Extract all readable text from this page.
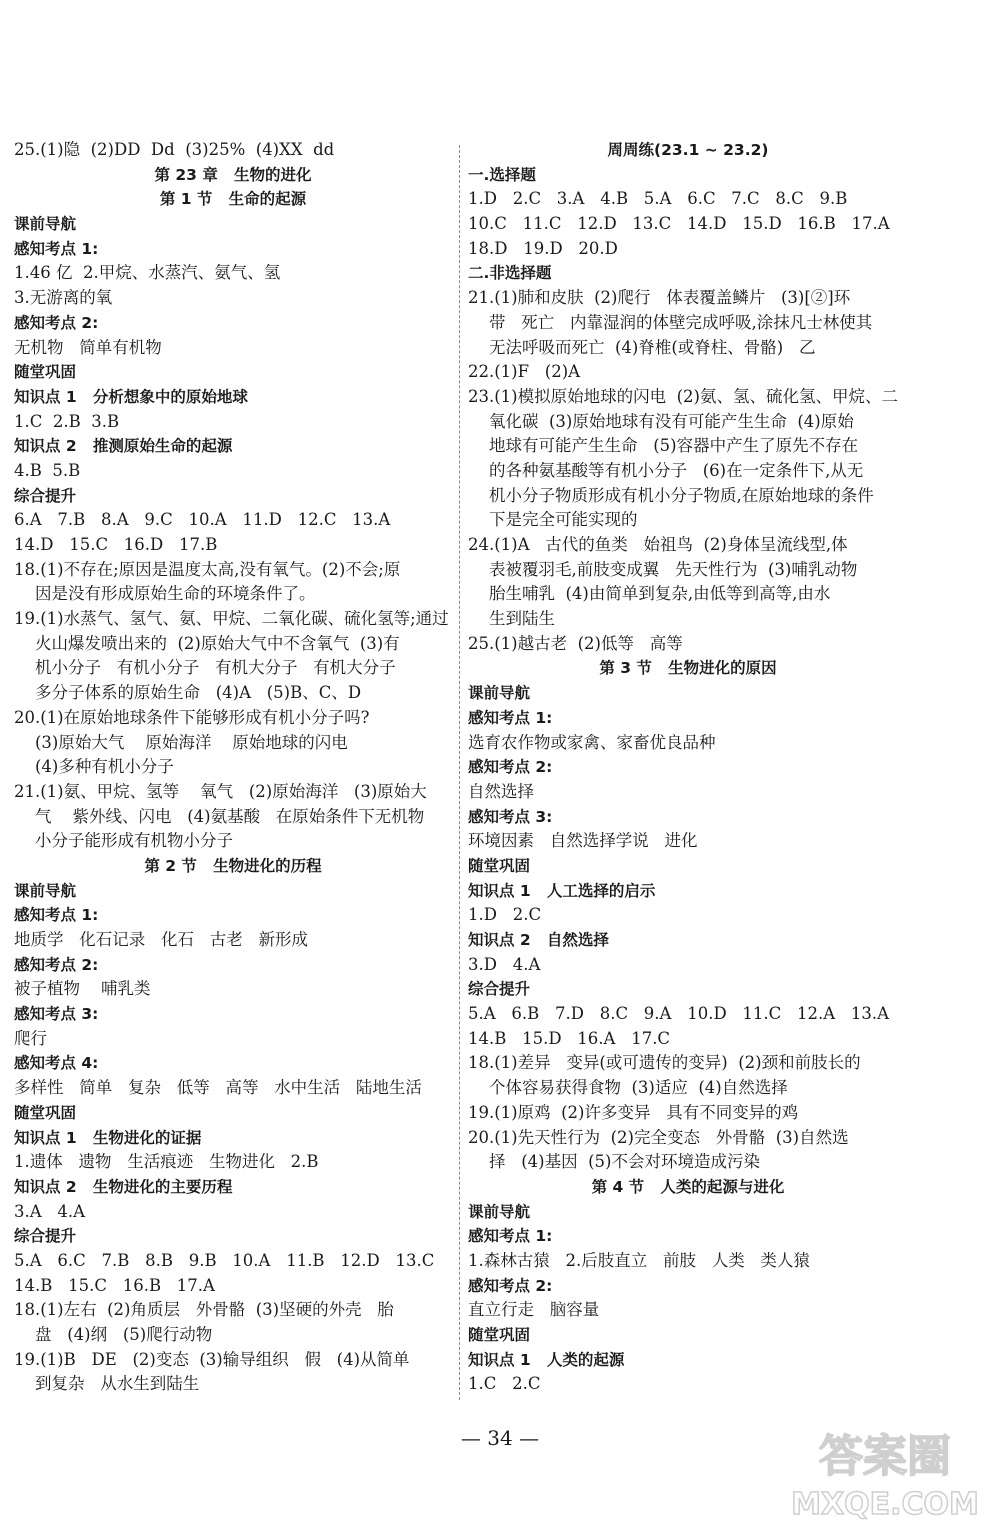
25.(1)隐  (2)DD  Dd  (3)25%  (4)XX  dd
第 23 章   生物的进化
第 1 节   生命的起源
课前导航
感知考点 1:
1.46 亿  2.甲烷、水蒸汽、氨气、氢
3.无游离的氧
感知考点 2:
无机物   简单有机物
随堂巩固
知识点 1   分析想象中的原始地球
1.C  2.B  3.B
知识点 2   推测原始生命的起源
4.B  5.B
综合提升
6.A   7.B   8.A   9.C   10.A   11.D   12.C   13.A
14.D   15.C   16.D   17.B
18.(1)不存在;原因是温度太高,没有氧气。(2)不会;原
因是没有形成原始生命的环境条件了。
19.(1)水蒸气、氢气、氨、甲烷、二氧化碳、硫化氢等;通过
火山爆发喷出来的  (2)原始大气中不含氧气  (3)有
机小分子   有机小分子   有机大分子   有机大分子
多分子体系的原始生命   (4)A   (5)B、C、D
20.(1)在原始地球条件下能够形成有机小分子吗?
(3)原始大气    原始海洋    原始地球的闪电
(4)多种有机小分子
21.(1)氨、甲烷、氢等    氧气   (2)原始海洋   (3)原始大
气    紫外线、闪电   (4)氨基酸   在原始条件下无机物
小分子能形成有机物小分子
第 2 节   生物进化的历程
课前导航
感知考点 1:
地质学   化石记录   化石   古老   新形成
感知考点 2:
被子植物    哺乳类
感知考点 3:
爬行
感知考点 4:
多样性   简单   复杂   低等   高等   水中生活   陆地生活
随堂巩固
知识点 1   生物进化的证据
1.遗体   遗物   生活痕迹   生物进化   2.B
知识点 2   生物进化的主要历程
3.A   4.A
综合提升
5.A   6.C   7.B   8.B   9.B   10.A   11.B   12.D   13.C
14.B   15.C   16.B   17.A
18.(1)左右  (2)角质层   外骨骼  (3)坚硬的外壳   胎
盘   (4)纲   (5)爬行动物
19.(1)B   DE   (2)变态  (3)输导组织   假   (4)从简单
到复杂   从水生到陆生
周周练(23.1 ~ 23.2)
一.选择题
1.D   2.C   3.A   4.B   5.A   6.C   7.C   8.C   9.B
10.C   11.C   12.D   13.C   14.D   15.D   16.B   17.A
18.D   19.D   20.D
二.非选择题
21.(1)肺和皮肤  (2)爬行   体表覆盖鳞片   (3)[②]环
带   死亡   内靠湿润的体壁完成呼吸,涂抹凡士林使其
无法呼吸而死亡  (4)脊椎(或脊柱、骨骼)   乙
22.(1)F   (2)A
23.(1)模拟原始地球的闪电  (2)氨、氢、硫化氢、甲烷、二
氧化碳  (3)原始地球有没有可能产生生命  (4)原始
地球有可能产生生命   (5)容器中产生了原先不存在
的各种氨基酸等有机小分子   (6)在一定条件下,从无
机小分子物质形成有机小分子物质,在原始地球的条件
下是完全可能实现的
24.(1)A   古代的鱼类   始祖鸟  (2)身体呈流线型,体
表被覆羽毛,前肢变成翼   先天性行为  (3)哺乳动物
胎生哺乳  (4)由简单到复杂,由低等到高等,由水
生到陆生
25.(1)越古老  (2)低等   高等
第 3 节   生物进化的原因
课前导航
感知考点 1:
选育农作物或家禽、家畜优良品种
感知考点 2:
自然选择
感知考点 3:
环境因素   自然选择学说   进化
随堂巩固
知识点 1   人工选择的启示
1.D   2.C
知识点 2   自然选择
3.D   4.A
综合提升
5.A   6.B   7.D   8.C   9.A   10.D   11.C   12.A   13.A
14.B   15.D   16.A   17.C
18.(1)差异   变异(或可遗传的变异)  (2)颈和前肢长的
个体容易获得食物  (3)适应  (4)自然选择
19.(1)原鸡  (2)许多变异   具有不同变异的鸡
20.(1)先天性行为  (2)完全变态   外骨骼  (3)自然选
择   (4)基因  (5)不会对环境造成污染
第 4 节   人类的起源与进化
课前导航
感知考点 1:
1.森林古猿   2.后肢直立   前肢   人类   类人猿
感知考点 2:
直立行走   脑容量
随堂巩固
知识点 1   人类的起源
1.C   2.C
— 34 —	答案圈
MXQE.COM
